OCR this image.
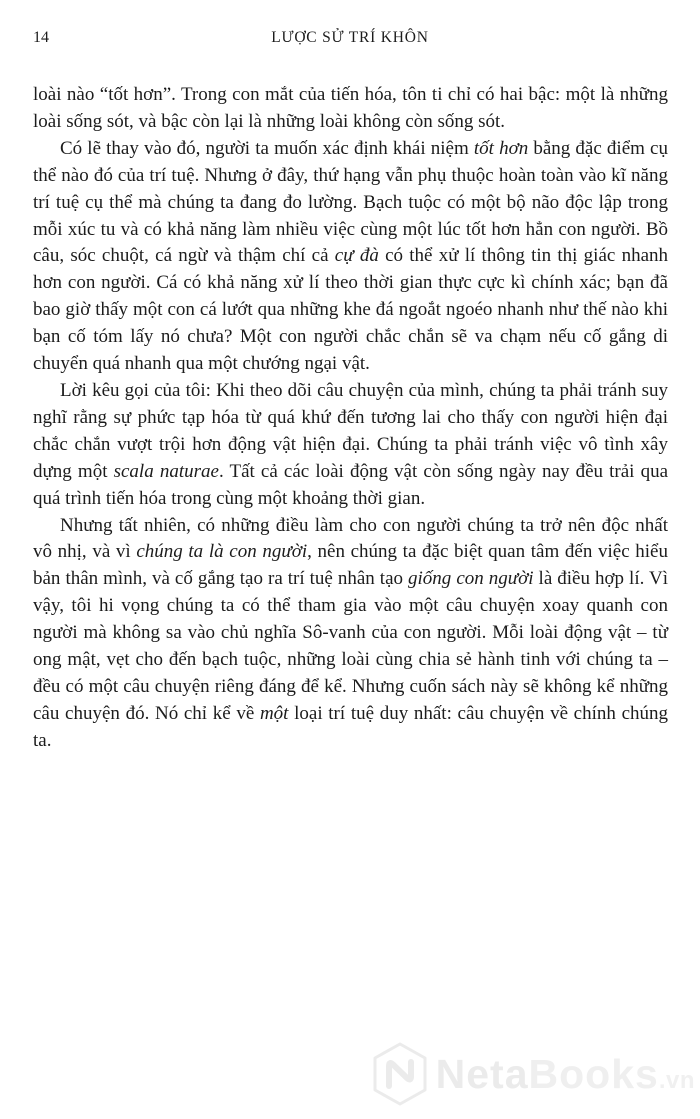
14	LƯỢC SỬ TRÍ KHÔN

loài nào “tốt hơn”. Trong con mắt của tiến hóa, tôn ti chỉ có hai bậc: một là những loài sống sót, và bậc còn lại là những loài không còn sống sót.

Có lẽ thay vào đó, người ta muốn xác định khái niệm tốt hơn bằng đặc điểm cụ thể nào đó của trí tuệ. Nhưng ở đây, thứ hạng vẫn phụ thuộc hoàn toàn vào kĩ năng trí tuệ cụ thể mà chúng ta đang đo lường. Bạch tuộc có một bộ não độc lập trong mỗi xúc tu và có khả năng làm nhiều việc cùng một lúc tốt hơn hẳn con người. Bồ câu, sóc chuột, cá ngừ và thậm chí cả cự đà có thể xử lí thông tin thị giác nhanh hơn con người. Cá có khả năng xử lí theo thời gian thực cực kì chính xác; bạn đã bao giờ thấy một con cá lướt qua những khe đá ngoắt ngoéo nhanh như thế nào khi bạn cố tóm lấy nó chưa? Một con người chắc chắn sẽ va chạm nếu cố gắng di chuyển quá nhanh qua một chướng ngại vật.

Lời kêu gọi của tôi: Khi theo dõi câu chuyện của mình, chúng ta phải tránh suy nghĩ rằng sự phức tạp hóa từ quá khứ đến tương lai cho thấy con người hiện đại chắc chắn vượt trội hơn động vật hiện đại. Chúng ta phải tránh việc vô tình xây dựng một scala naturae. Tất cả các loài động vật còn sống ngày nay đều trải qua quá trình tiến hóa trong cùng một khoảng thời gian.

Nhưng tất nhiên, có những điều làm cho con người chúng ta trở nên độc nhất vô nhị, và vì chúng ta là con người, nên chúng ta đặc biệt quan tâm đến việc hiểu bản thân mình, và cố gắng tạo ra trí tuệ nhân tạo giống con người là điều hợp lí. Vì vậy, tôi hi vọng chúng ta có thể tham gia vào một câu chuyện xoay quanh con người mà không sa vào chủ nghĩa Sô-vanh của con người. Mỗi loài động vật – từ ong mật, vẹt cho đến bạch tuộc, những loài cùng chia sẻ hành tinh với chúng ta – đều có một câu chuyện riêng đáng để kể. Nhưng cuốn sách này sẽ không kể những câu chuyện đó. Nó chỉ kể về một loại trí tuệ duy nhất: câu chuyện về chính chúng ta.

NetaBooks.vn
